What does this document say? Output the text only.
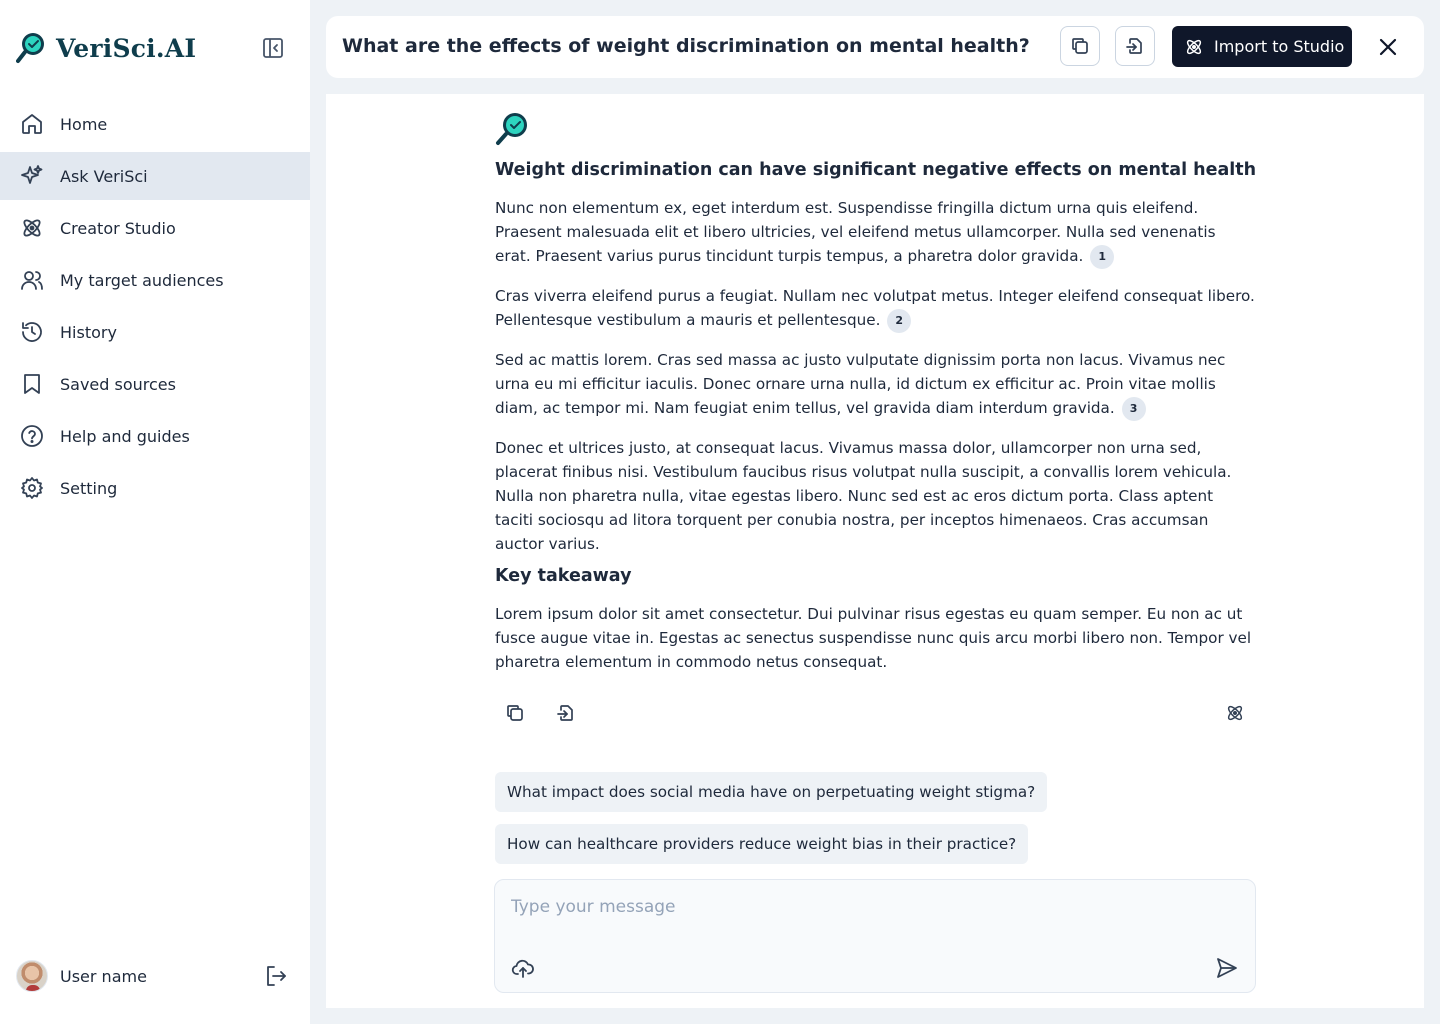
VeriSci.AI
Home
Ask VeriSci
Creator Studio
My target audiences
History
Saved sources
Help and guides
Setting
User name
What are the effects of weight discrimination on mental health?	Import to Studio
Weight discrimination can have significant negative effects on mental health

Nunc non elementum ex, eget interdum est. Suspendisse fringilla dictum urna quis eleifend. Praesent malesuada elit et libero ultricies, vel eleifend metus ullamcorper. Nulla sed venenatis erat. Praesent varius purus tincidunt turpis tempus, a pharetra dolor gravida. 1

Cras viverra eleifend purus a feugiat. Nullam nec volutpat metus. Integer eleifend consequat libero. Pellentesque vestibulum a mauris et pellentesque. 2

Sed ac mattis lorem. Cras sed massa ac justo vulputate dignissim porta non lacus. Vivamus nec urna eu mi efficitur iaculis. Donec ornare urna nulla, id dictum ex efficitur ac. Proin vitae mollis diam, ac tempor mi. Nam feugiat enim tellus, vel gravida diam interdum gravida. 3

Donec et ultrices justo, at consequat lacus. Vivamus massa dolor, ullamcorper non urna sed, placerat finibus nisi. Vestibulum faucibus risus volutpat nulla suscipit, a convallis lorem vehicula. Nulla non pharetra nulla, vitae egestas libero. Nunc sed est ac eros dictum porta. Class aptent taciti sociosqu ad litora torquent per conubia nostra, per inceptos himenaeos. Cras accumsan auctor varius.

Key takeaway

Lorem ipsum dolor sit amet consectetur. Dui pulvinar risus egestas eu quam semper. Eu non ac ut fusce augue vitae in. Egestas ac senectus suspendisse nunc quis arcu morbi libero non. Tempor vel pharetra elementum in commodo netus consequat.

What impact does social media have on perpetuating weight stigma?
How can healthcare providers reduce weight bias in their practice?
Type your message
